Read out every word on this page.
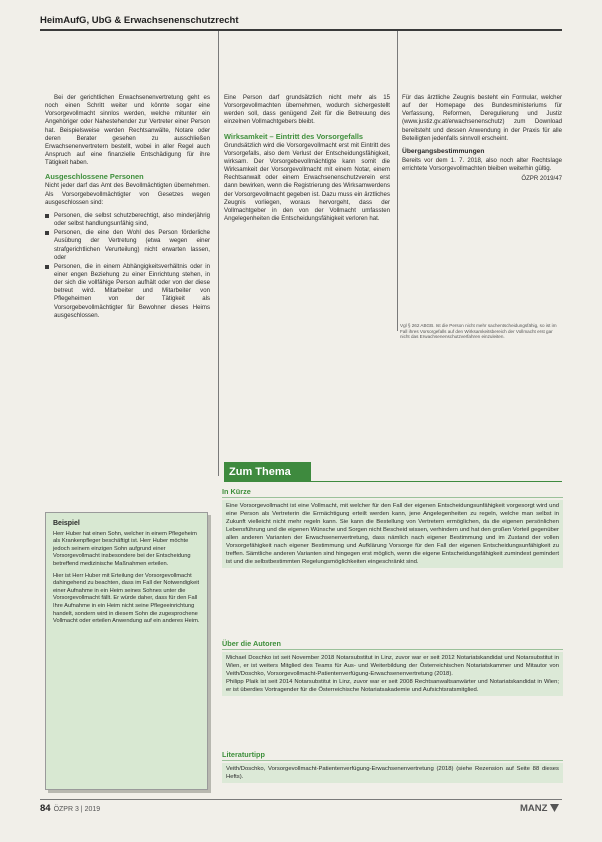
HeimAufG, UbG & Erwachsenenschutzrecht

Bei der gerichtlichen Erwachsenenvertretung geht es noch einen Schritt weiter und könnte sogar eine Vorsorgevollmacht sinnlos werden, welche mitunter ein Angehöriger oder Nahestehender zur Vertreter einer Person hat. Beispielsweise werden Rechtsanwälte, Notare oder deren Berater gesehen zu ausschließen Erwachsenenvertretern bestellt, wobei in aller Regel auch Anspruch auf eine finanzielle Entschädigung für ihre Tätigkeit haben.

Ausgeschlossene Personen

Nicht jeder darf das Amt des Bevollmächtigten übernehmen. Als Vorsorgebevollmächtigter von Gesetzes wegen ausgeschlossen sind:

Personen, die selbst schutzberechtigt, also minderjährig oder selbst handlungsunfähig sind,
Personen, die eine den Wohl des Person förderliche Ausübung der Vertretung (etwa wegen einer strafgerichtlichen Verurteilung) nicht erwarten lassen, oder
Personen, die in einem Abhängigkeitsverhältnis oder in einer engen Beziehung zu einer Einrichtung stehen, in der sich die vollfähige Person aufhält oder von der diese betreut wird. Mitarbeiter und Mitarbeiter von Pflegeheimen von der Tätigkeit als Vorsorgebevollmächtigter für Bewohner dieses Heims ausgeschlossen.
Beispiel

Herr Huber hat einen Sohn, welcher in einem Pflegeheim als Krankenpfleger beschäftigt ist. Herr Huber möchte jedoch seinem einzigen Sohn aufgrund einer Vorsorgevollmacht insbesondere bei der Entscheidung betreffend medizinische Maßnahmen erteilen.

Hier ist Herr Huber mit Erteilung der Vorsorgevollmacht dahingehend zu beachten, dass im Fall der Notwendigkeit einer Aufnahme in ein Heim seines Sohnes unter die Vorsorgevollmacht fällt. Er würde daher, dass für den Fall Ihre Aufnahme in ein Heim nicht seine Pflegeeinrichtung handelt, sondern wird in diesem Sohn die zugesprochene Vollmacht oder erteilen Anwendung auf ein anderes Heim.

Eine Person darf grundsätzlich nicht mehr als 15 Vorsorgevollmachten übernehmen, wodurch sichergestellt werden soll, dass genügend Zeit für die Betreuung des einzelnen Vollmachtgebers bleibt.

Wirksamkeit – Eintritt des Vorsorgefalls

Grundsätzlich wird die Vorsorgevollmacht erst mit Eintritt des Vorsorgefalls, also dem Verlust der Entscheidungsfähigkeit, wirksam. Der Vorsorgebevollmächtigte kann somit die Wirksamkeit der Vorsorgevollmacht mit einem Notar, einem Rechtsanwalt oder einem Erwachsenenschutzverein erst dann bewirken, wenn die Registrierung des Wirksamwerdens der Vorsorgevollmacht gegeben ist. Dazu muss ein ärztliches Zeugnis vorliegen, woraus hervorgeht, dass der Vollmachtgeber in den von der Vollmacht umfassten Angelegenheiten die Entscheidungsfähigkeit verloren hat.

Für das ärztliche Zeugnis besteht ein Formular, welcher auf der Homepage des Bundesministeriums für Verfassung, Reformen, Deregulierung und Justiz (www.justiz.gv.at/erwachsenenschutz) zum Download bereitsteht und dessen Anwendung in der Praxis für alle Beteiligten jedenfalls sinnvoll erscheint.

Übergangsbestimmungen

Bereits vor dem 1. 7. 2018, also noch alter Rechtslage errichtete Vorsorgevollmachten bleiben weiterhin gültig.

ÖZPR 2019/47
Vgl § 262 ABGB. Ist die Person nicht mehr sachentscheidungsfähig, so ist im Fall ihres Vorsorgefalls auf den Wirksamkeitsbereich der Vollmacht erst gar nicht das Erwachsenenschutzverfahren einzuleiten.
Zum Thema
In Kürze
Eine Vorsorgevollmacht ist eine Vollmacht, mit welcher für den Fall der eigenen Entscheidungsunfähigkeit vorgesorgt wird und eine Person als Vertreterin die Ermächtigung erteilt werden kann, jene Angelegenheiten zu regeln, welche man selbst in Zukunft vielleicht nicht mehr regeln kann. Sie kann die Bestellung von Vertretern ermöglichen, da die eigenen persönlichen Lebensführung und die eigenen Wünsche und Sorgen nicht Bescheid wissen, verhindern und hat den großen Vorteil gegenüber allen anderen Varianten der Erwachsenenvertretung, dass nämlich nach eigener Bestimmung und im Zustand der vollen Vorsorgefähigkeit nach eigener Bestimmung und Aufklärung Vorsorge für den Fall der eigenen Entscheidungsunfähigkeit zu treffen. Sämtliche anderen Varianten sind hingegen erst möglich, wenn die eigene Entscheidungsfähigkeit zumindest gemindert ist und die selbstbestimmten Regelungsmöglichkeiten eingeschränkt sind.
Über die Autoren
Michael Doschko ist seit November 2018 Notarsubstitut in Linz, zuvor war er seit 2012 Notariatskandidat und Notarsubstitut in Wien, er ist weiters Mitglied des Teams für Aus- und Weiterbildung der Österreichischen Notariatskammer und Mitautor von Veith/Doschko, Vorsorgevollmacht-Patientenverfügung-Erwachsenenvertretung (2018).
Philipp Plaik ist seit 2014 Notarsubstitut in Linz, zuvor war er seit 2008 Rechtsanwaltsanwärter und Notariatskandidat in Wien; er ist überdies Vortragender für die Österreichische Notariatsakademie und Aufsichtsratsmitglied.
Literaturtipp
Veith/Doschko, Vorsorgevollmacht-Patientenverfügung-Erwachsenenvertretung (2018) (siehe Rezension auf Seite 88 dieses Hefts).
84 ÖZPR 3 | 2019	MANZ
